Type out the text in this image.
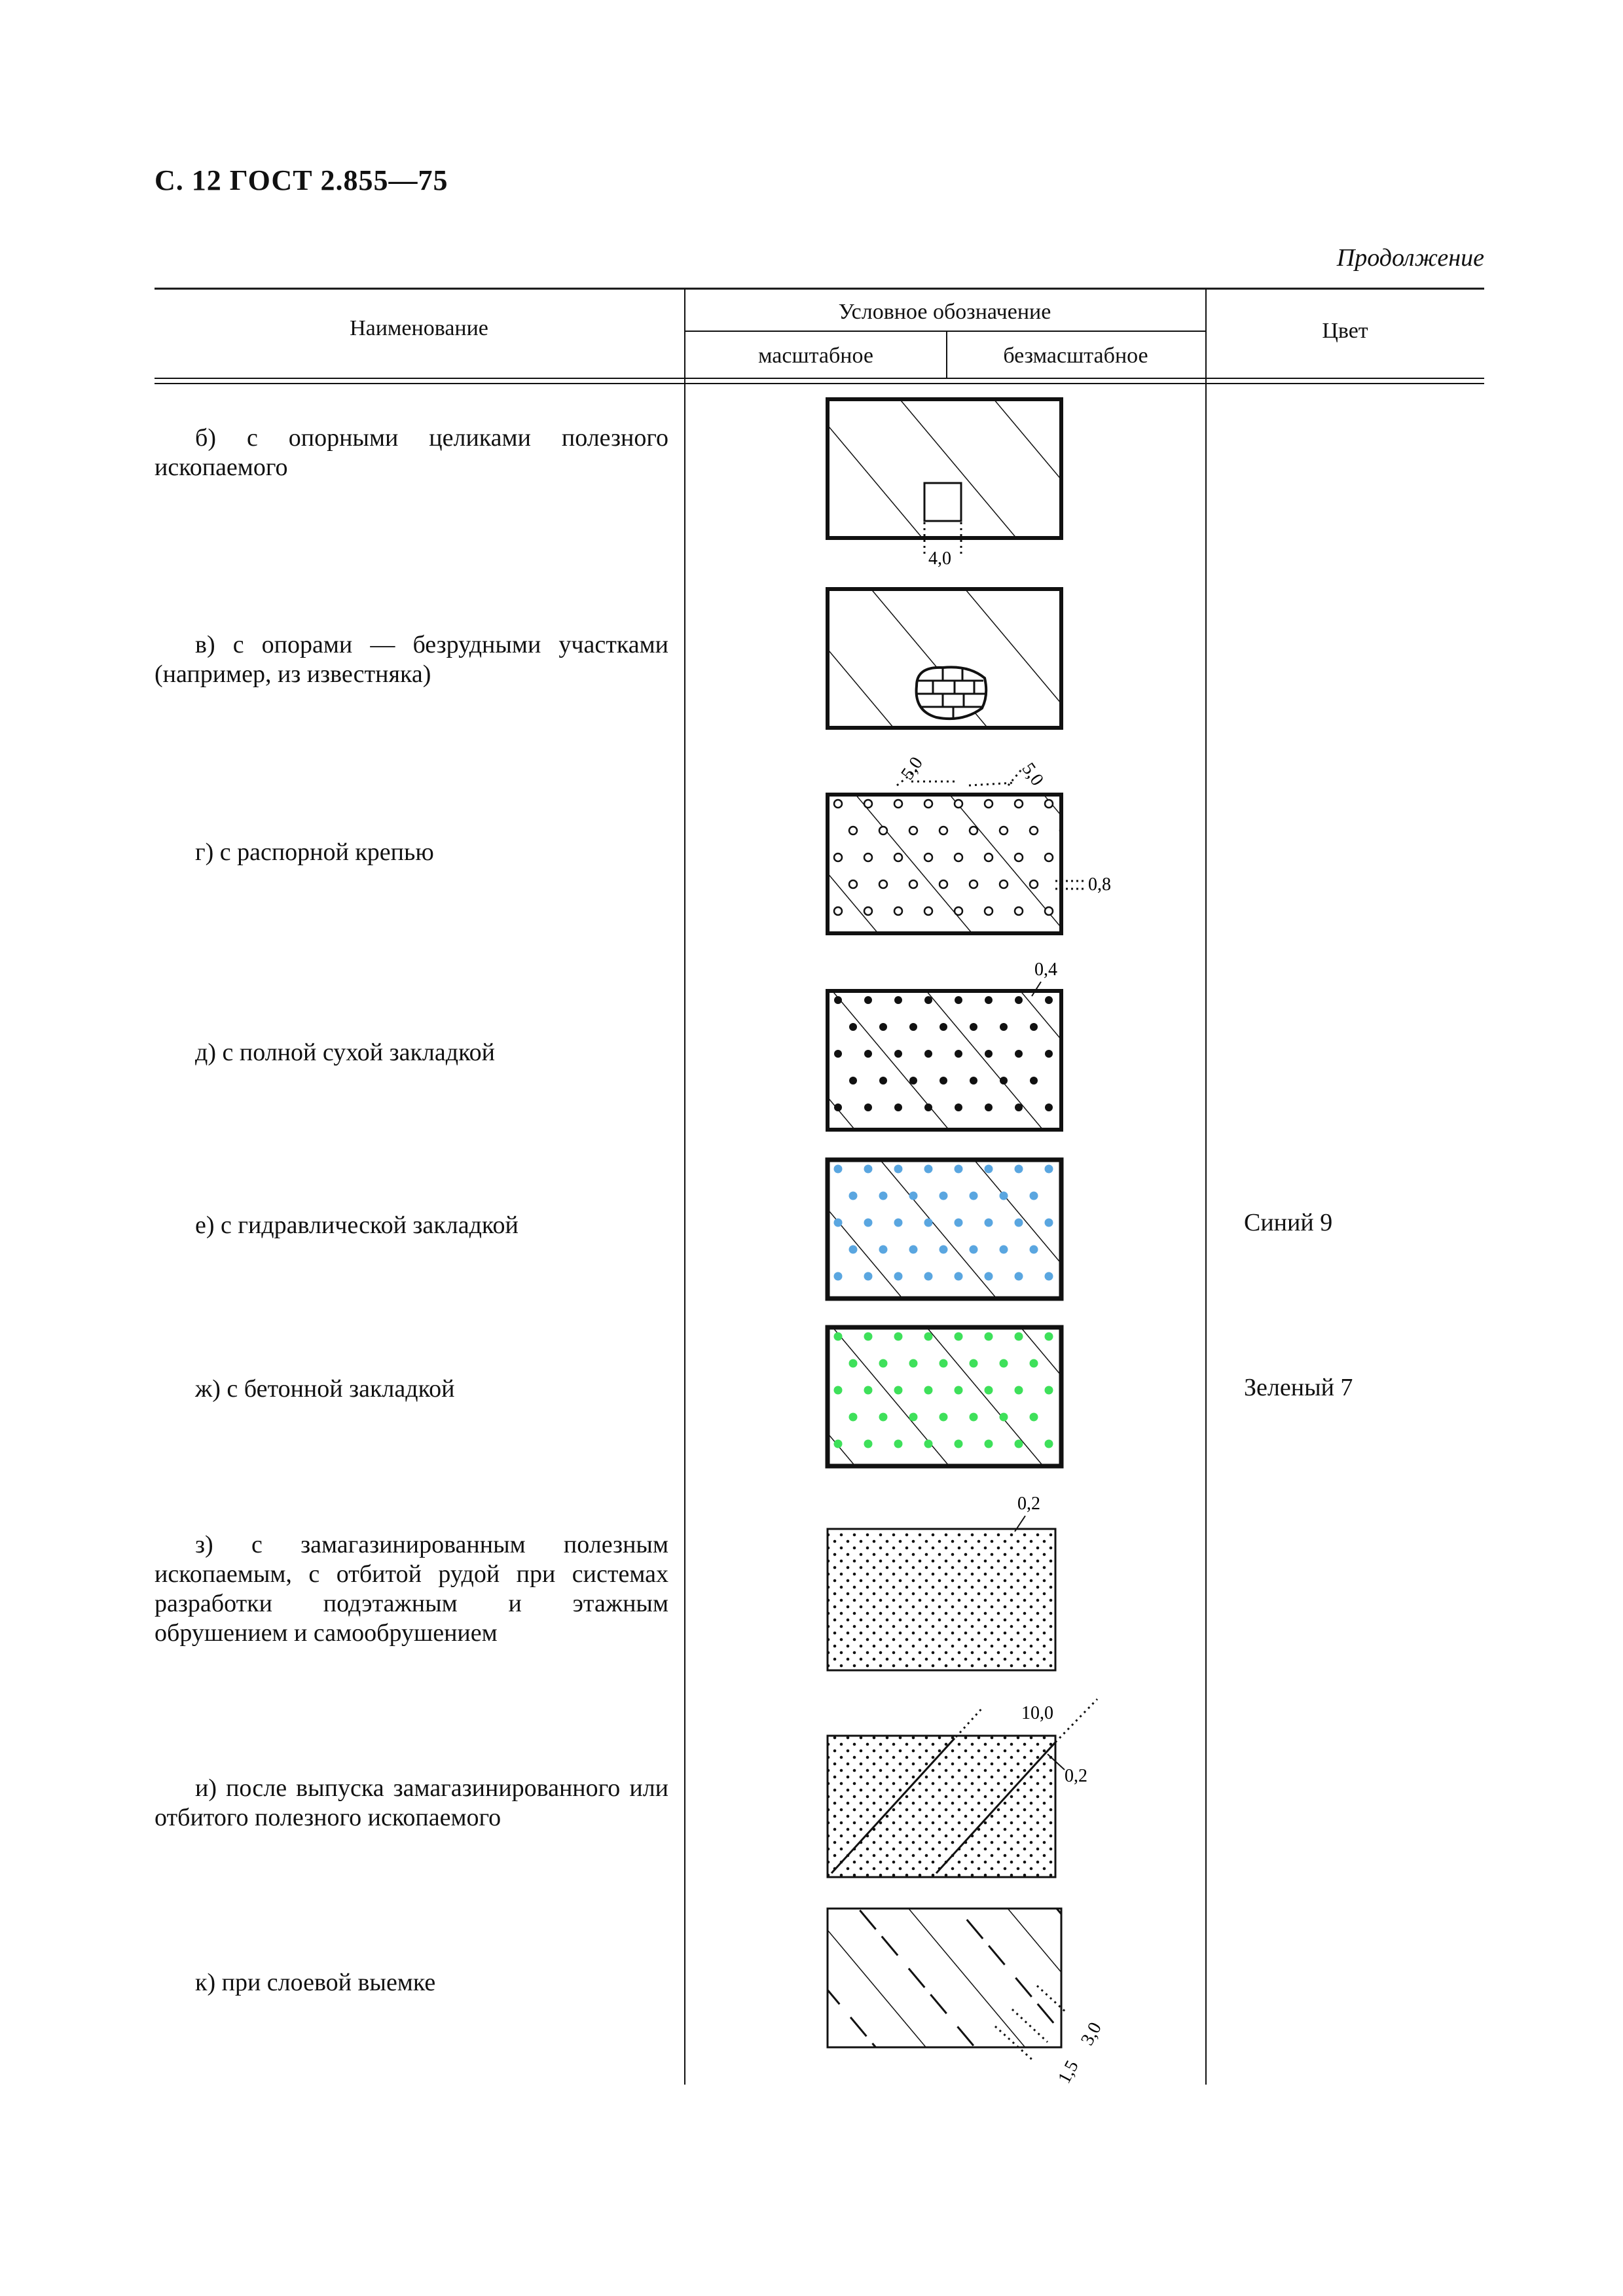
С. 12 ГОСТ 2.855—75
Продолжение
Наименование
Условное обозначение
масштабное	безмасштабное
Цвет
б) с опорными целиками полезного ископаемого
в) с опорами — безрудными участками (например, из известняка)
г) с распорной крепью
д) с полной сухой закладкой
е) с гидравлической закладкой
ж) с бетонной закладкой
з) с замагазинированным полезным ископаемым, с отбитой рудой при системах разработки подэтажным и этажным обрушением и самообрушением
и) после выпуска замагазинированного или отбитого полезного ископаемого
к) при слоевой выемке
Синий 9
Зеленый 7
4,0
5,0	5,0
0,8
0,4
0,2
10,0
0,2
3,0
1,5
